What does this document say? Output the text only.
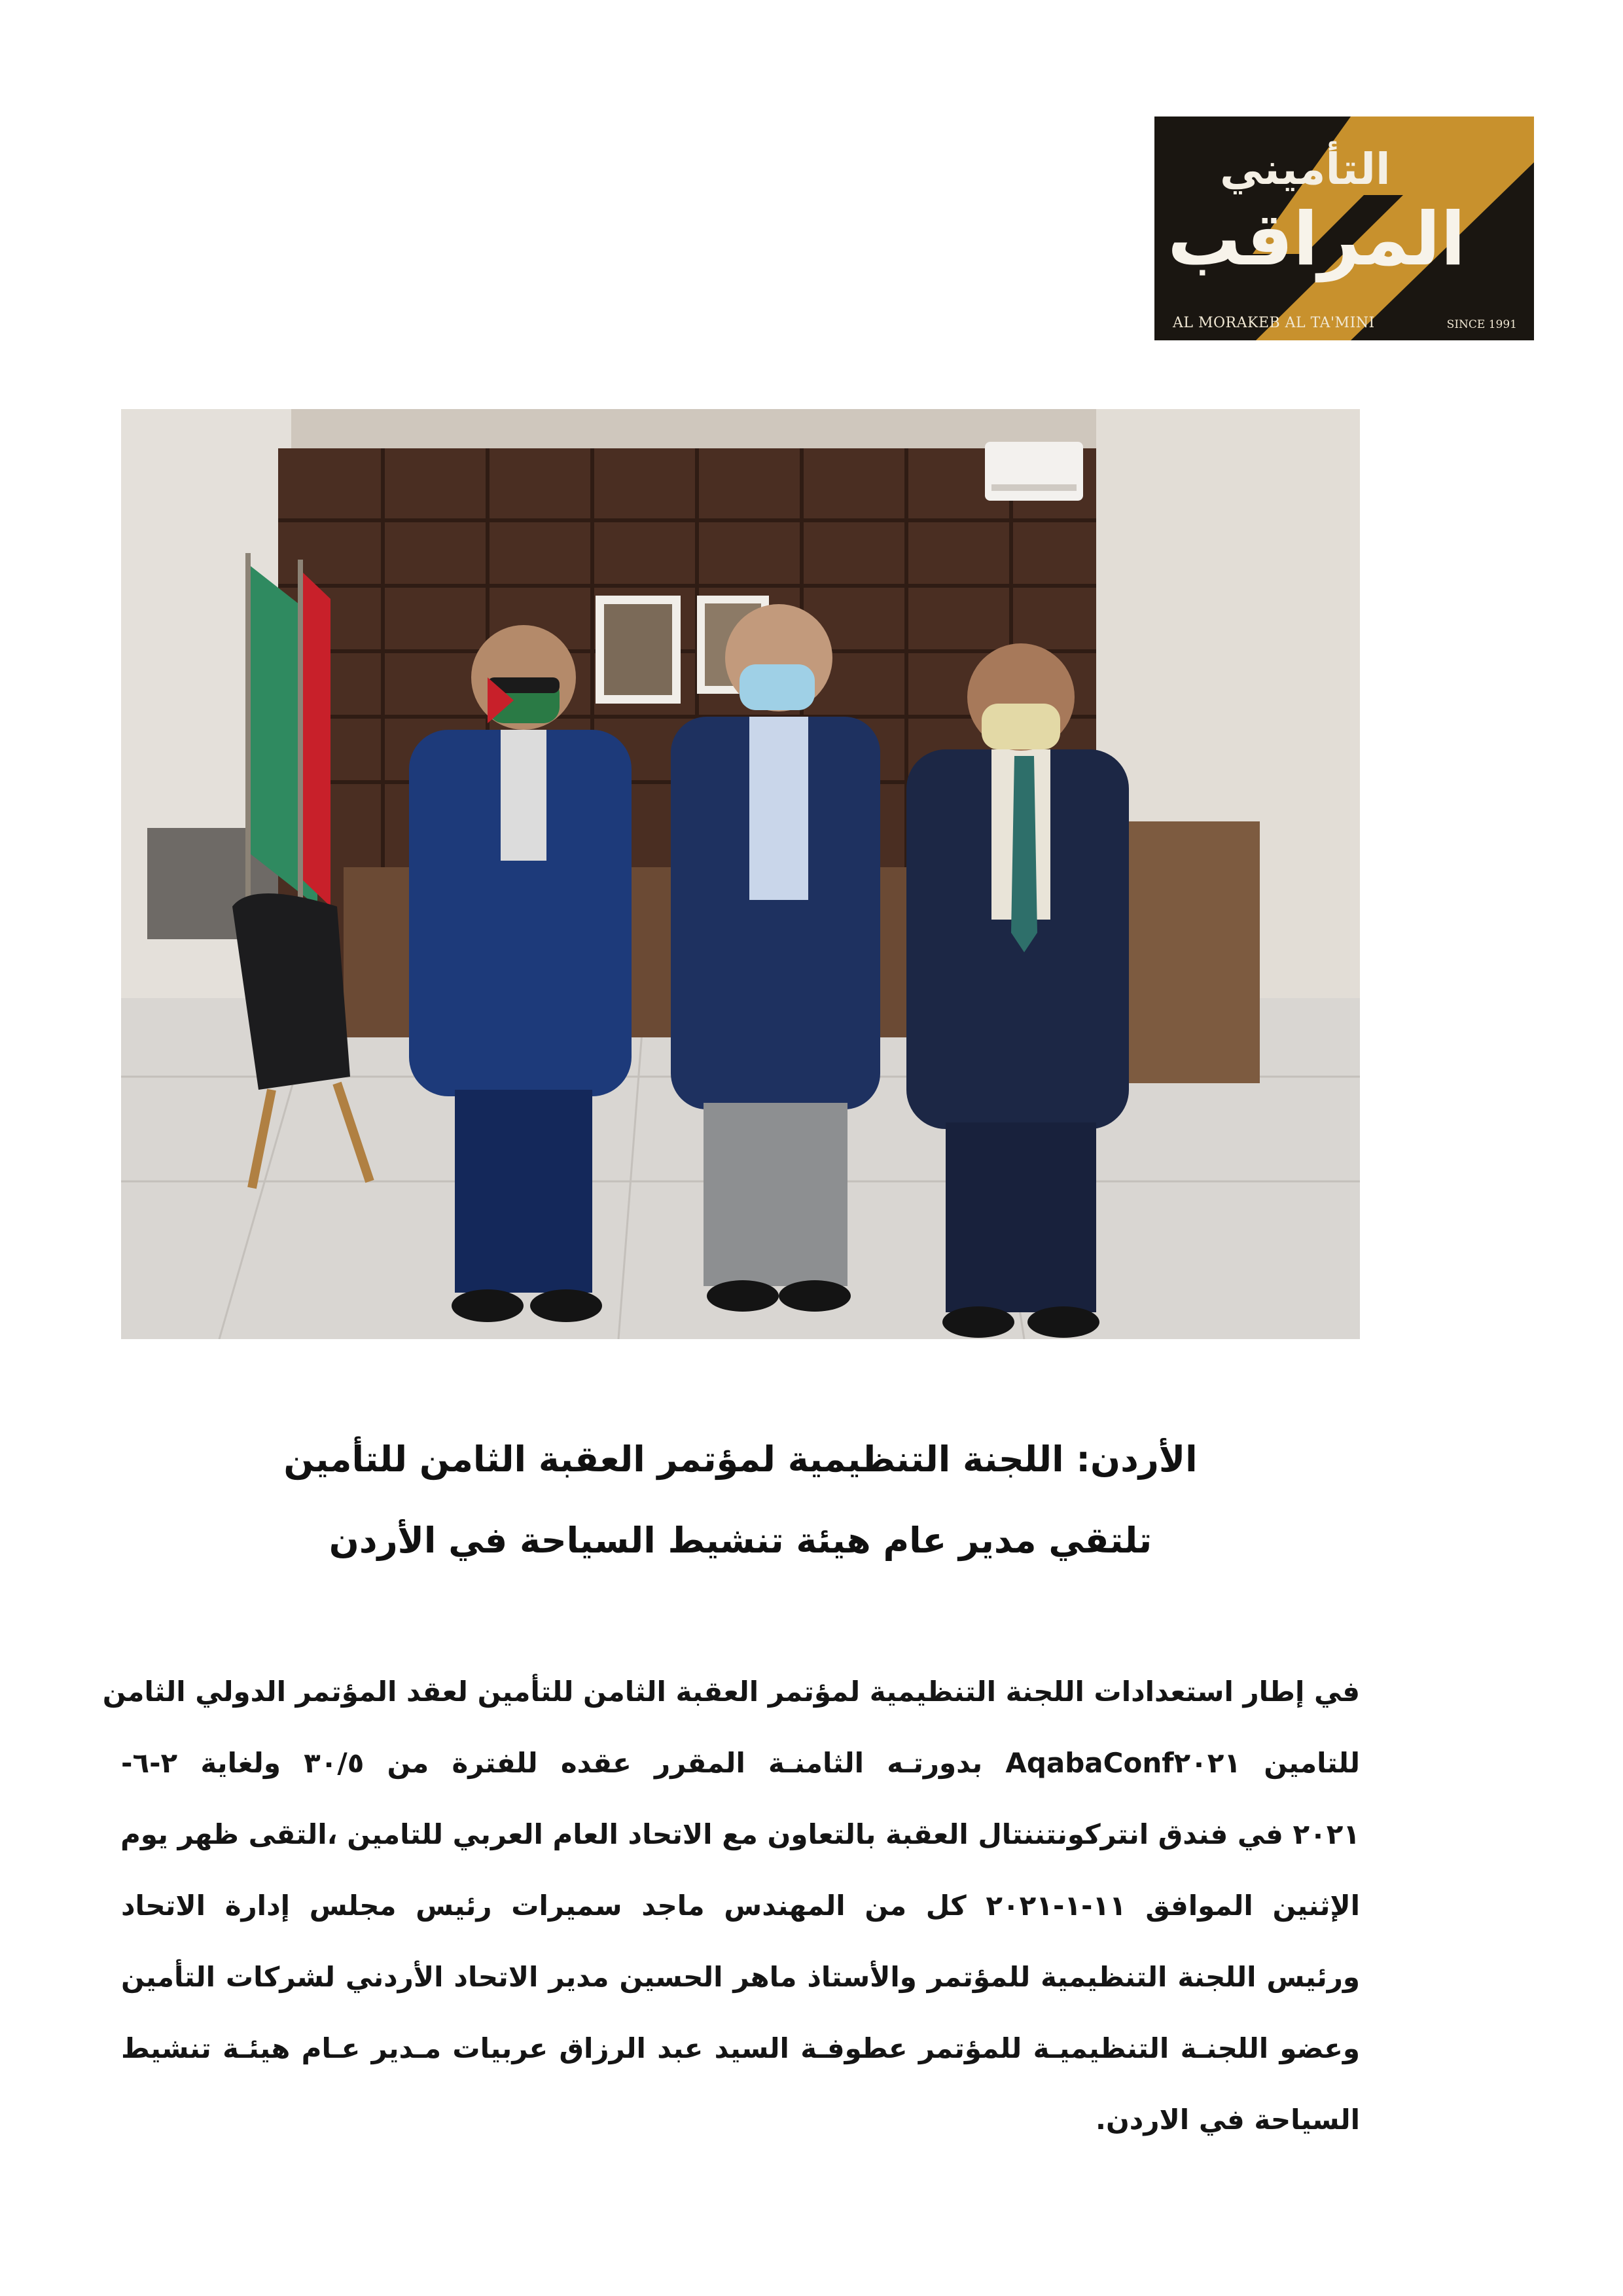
التأميني
المراقب
AL MORAKEB AL TA'MINI	SINCE 1991
الأردن: اللجنة التنظيمية لمؤتمر العقبة الثامن للتأمين
تلتقي مدير عام هيئة تنشيط السياحة في الأردن
في إطار استعدادات اللجنة التنظيمية لمؤتمر العقبة الثامن للتأمين لعقد المؤتمر الدولي الثامن
للتامين AqabaConf٢٠٢١ بدورتـه الثامنـة المقرر عقده للفترة من ٣٠/٥ ولغاية ٢-٦-
٢٠٢١ في فندق انتركونتننتال العقبة بالتعاون مع الاتحاد العام العربي للتامين ،التقى ظهر يوم
الإثنين الموافق ١١-١-٢٠٢١ كل من المهندس ماجد سميرات رئيس مجلس إدارة الاتحاد
ورئيس اللجنة التنظيمية للمؤتمر والأستاذ ماهر الحسين مدير الاتحاد الأردني لشركات التأمين
وعضو اللجنـة التنظيميـة للمؤتمر عطوفـة السيد عبد الرزاق عربيات مـدير عـام هيئـة تنشيط
السياحة في الاردن.
